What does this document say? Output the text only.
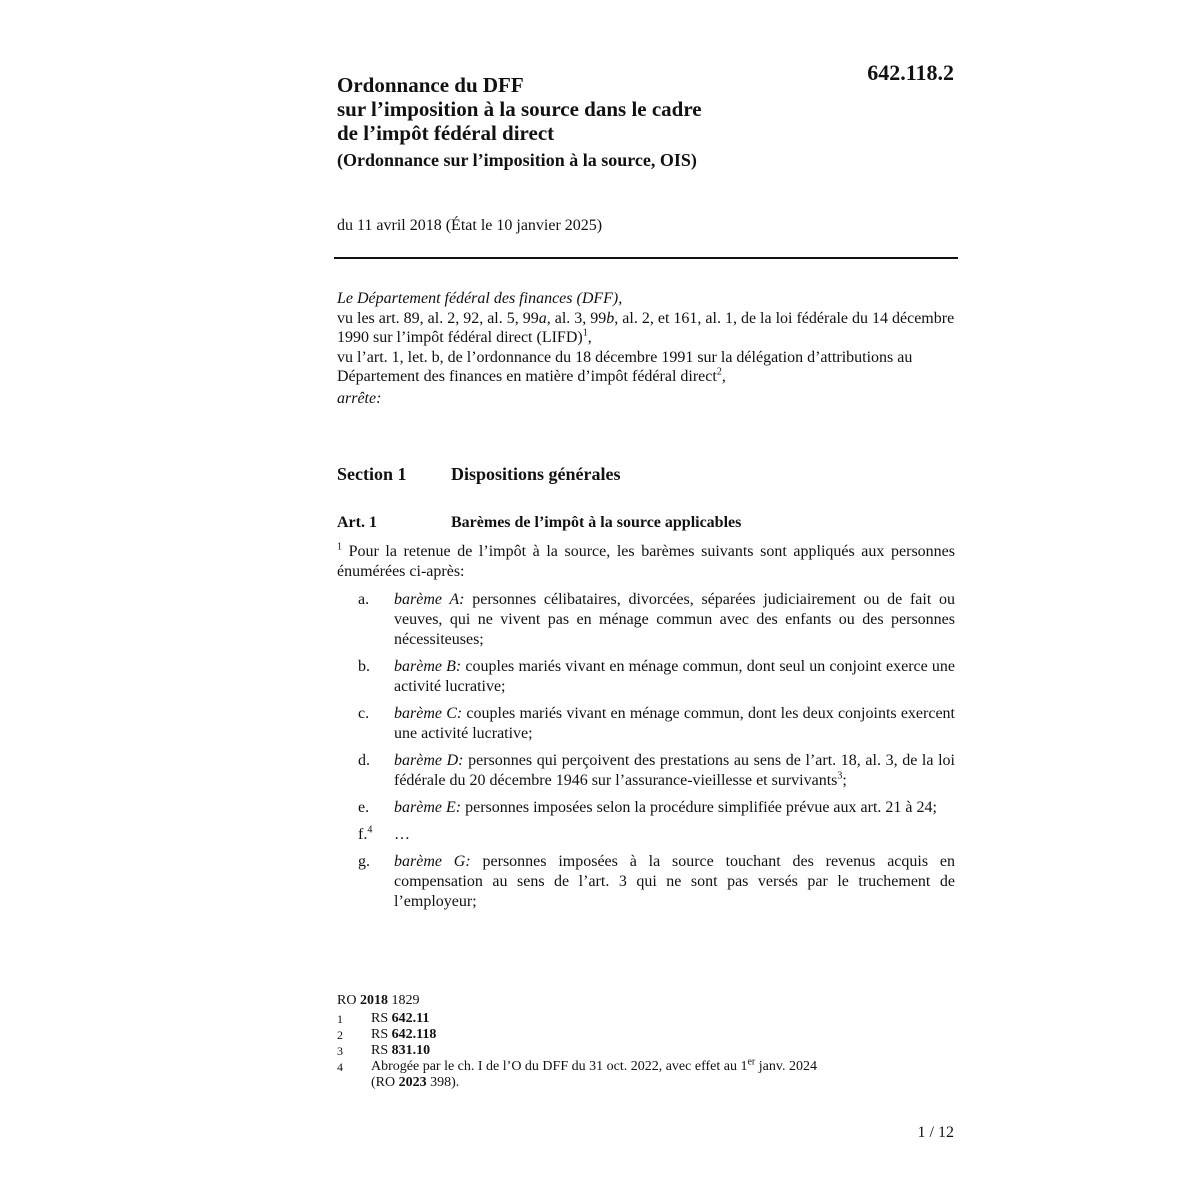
642.118.2

Ordonnance du DFF
sur l’imposition à la source dans le cadre
de l’impôt fédéral direct

(Ordonnance sur l’imposition à la source, OIS)

du 11 avril 2018 (État le 10 janvier 2025)

Le Département fédéral des finances (DFF),

vu les art. 89, al. 2, 92, al. 5, 99a, al. 3, 99b, al. 2, et 161, al. 1, de la loi fédérale du 14 décembre 1990 sur l’impôt fédéral direct (LIFD)$^1$,

vu l’art. 1, let. b, de l’ordonnance du 18 décembre 1991 sur la délégation d’attributions au Département des finances en matière d’impôt fédéral direct$^2$,

arrête:

Section 1	Dispositions générales
Art. 1	Barèmes de l’impôt à la source applicables

$^1$ Pour la retenue de l’impôt à la source, les barèmes suivants sont appliqués aux personnes énumérées ci-après:

a.	barème A: personnes célibataires, divorcées, séparées judiciairement ou de fait ou veuves, qui ne vivent pas en ménage commun avec des enfants ou des personnes nécessiteuses;
b.	barème B: couples mariés vivant en ménage commun, dont seul un conjoint exerce une activité lucrative;
c.	barème C: couples mariés vivant en ménage commun, dont les deux conjoints exercent une activité lucrative;
d.	barème D: personnes qui perçoivent des prestations au sens de l’art. 18, al. 3, de la loi fédérale du 20 décembre 1946 sur l’assurance-vieillesse et survivants$^3$;
e.	barème E: personnes imposées selon la procédure simplifiée prévue aux art. 21 à 24;
f.$^4$	…
g.	barème G: personnes imposées à la source touchant des revenus acquis en compensation au sens de l’art. 3 qui ne sont pas versés par le truchement de l’employeur;

RO 2018 1829

1	RS 642.11

2	RS 642.118

3	RS 831.10

4	Abrogée par le ch. I de l’O du DFF du 31 oct. 2022, avec effet au 1er janv. 2024
(RO 2023 398).

1 / 12
